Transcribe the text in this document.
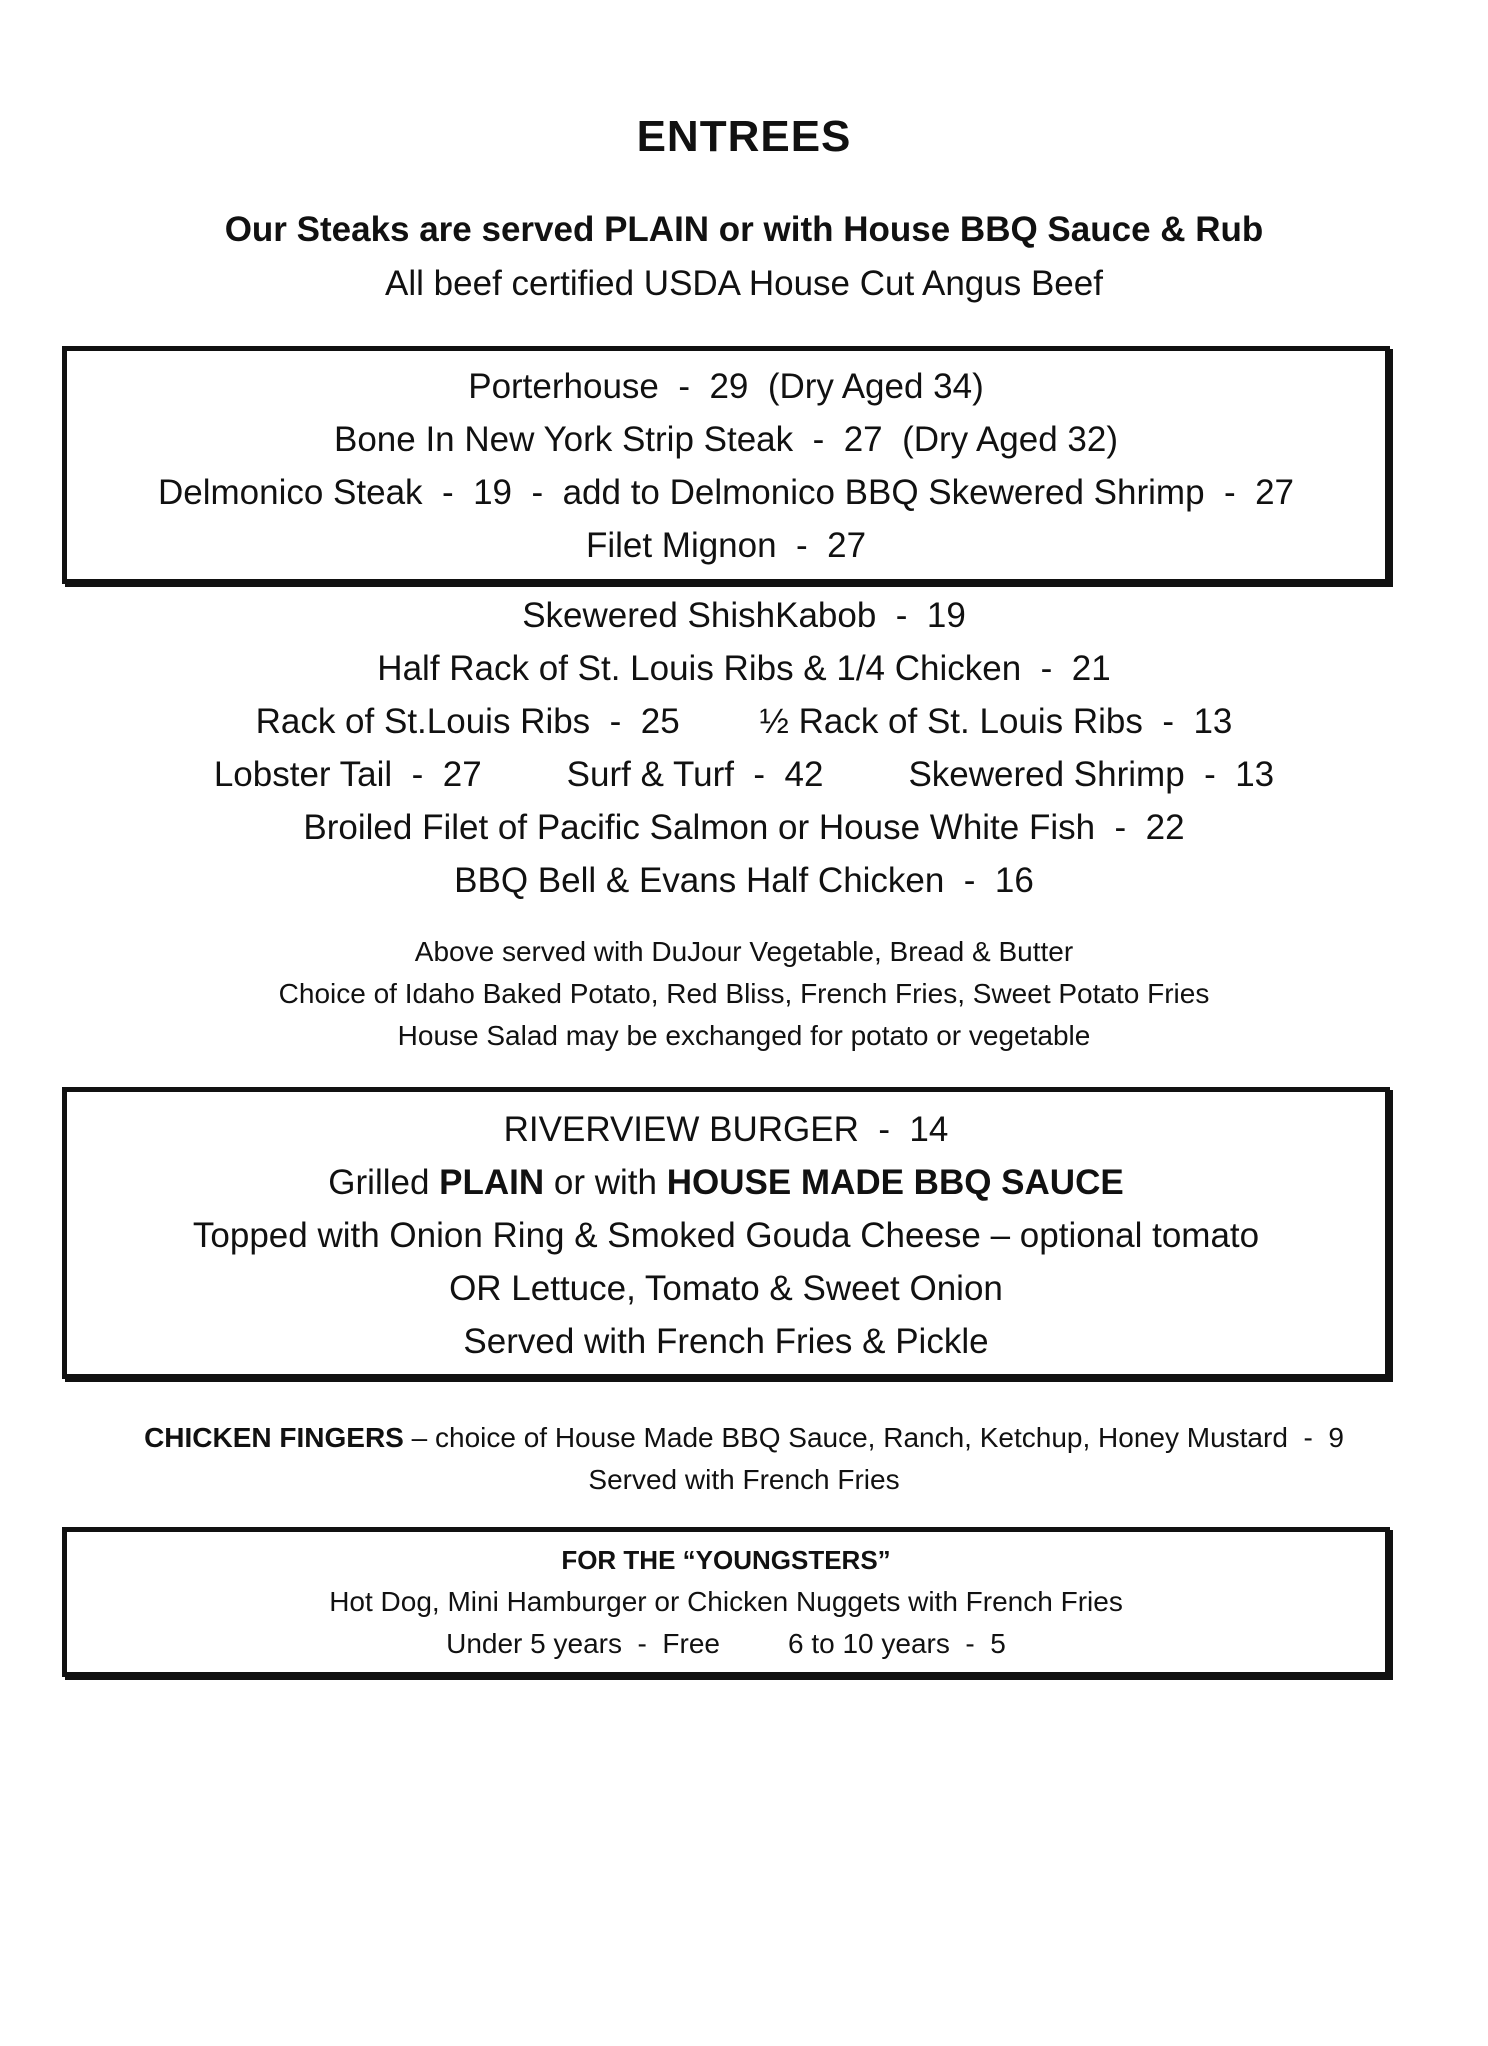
ENTREES
Our Steaks are served PLAIN or with House BBQ Sauce & Rub
All beef certified USDA House Cut Angus Beef
Porterhouse  -  29  (Dry Aged 34)
Bone In New York Strip Steak  -  27  (Dry Aged 32)
Delmonico Steak  -  19  -  add to Delmonico BBQ Skewered Shrimp  -  27
Filet Mignon  -  27
Skewered ShishKabob  -  19
Half Rack of St. Louis Ribs & 1/4 Chicken  -  21
Rack of St.Louis Ribs  -  25 ½ Rack of St. Louis Ribs  -  13
Lobster Tail  -  27 Surf & Turf  -  42 Skewered Shrimp  -  13
Broiled Filet of Pacific Salmon or House White Fish  -  22
BBQ Bell & Evans Half Chicken  -  16
Above served with DuJour Vegetable, Bread & Butter
Choice of Idaho Baked Potato, Red Bliss, French Fries, Sweet Potato Fries
House Salad may be exchanged for potato or vegetable
RIVERVIEW BURGER  -  14
Grilled PLAIN or with HOUSE MADE BBQ SAUCE
Topped with Onion Ring & Smoked Gouda Cheese – optional tomato
OR Lettuce, Tomato & Sweet Onion
Served with French Fries & Pickle
CHICKEN FINGERS – choice of House Made BBQ Sauce, Ranch, Ketchup, Honey Mustard  -  9
Served with French Fries
FOR THE “YOUNGSTERS”
Hot Dog, Mini Hamburger or Chicken Nuggets with French Fries
Under 5 years  -  Free 6 to 10 years  -  5
